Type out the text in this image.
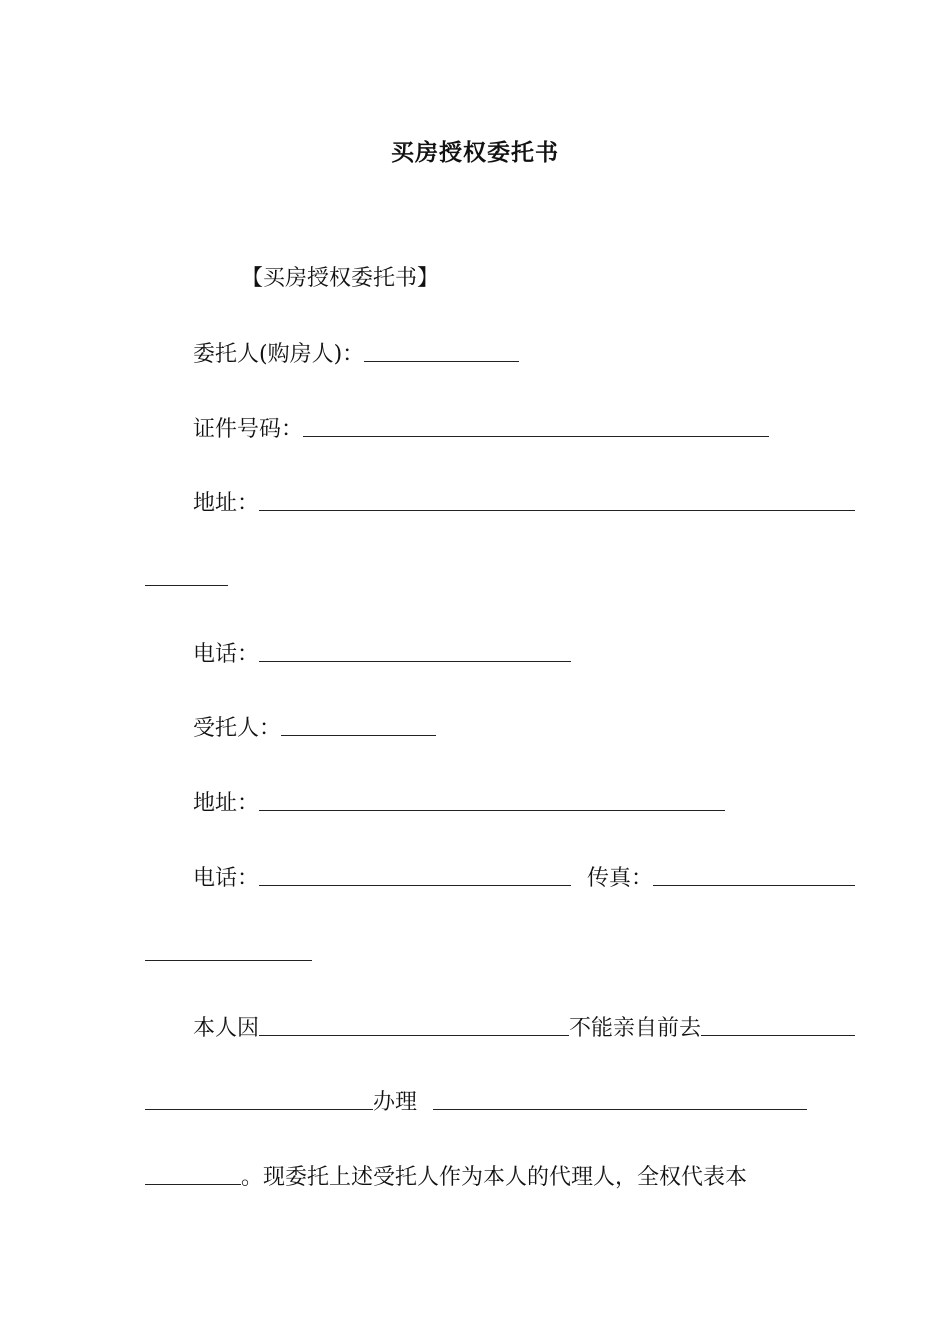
买房授权委托书
【买房授权委托书】
委托人(购房人)：
证件号码：
地址：
电话：
受托人：
地址：
电话：	传真：
本人因	不能亲自前去
办理
。现委托上述受托人作为本人的代理人，全权代表本
